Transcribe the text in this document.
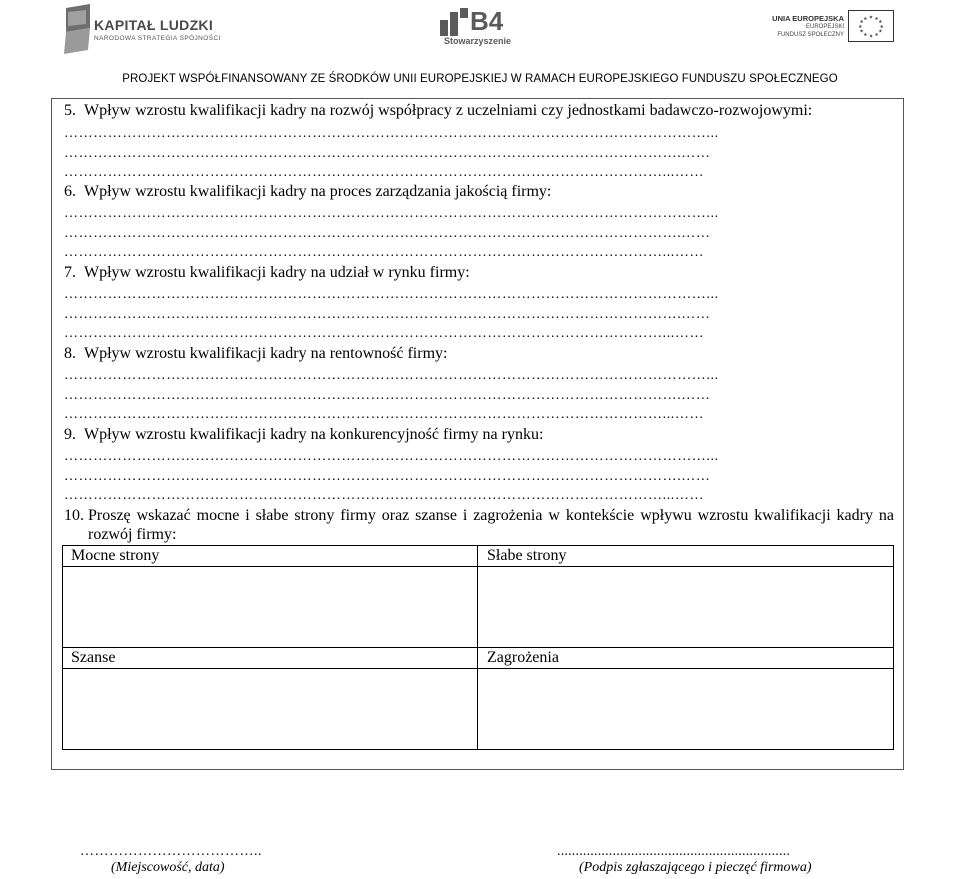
KAPITAŁ LUDZKI
NARODOWA STRATEGIA SPÓJNOŚCI
B4
Stowarzyszenie
UNIA EUROPEJSKA
EUROPEJSKI
FUNDUSZ SPOŁECZNY
★ ★
★
★
★
★
★
★
★
★
★
★
PROJEKT WSPÓŁFINANSOWANY ZE ŚRODKÓW UNII EUROPEJSKIEJ W RAMACH EUROPEJSKIEGO FUNDUSZU SPOŁECZNEGO
5. Wpływ wzrostu kwalifikacji kadry na rozwój współpracy z uczelniami czy jednostkami badawczo-rozwojowymi:
……………………………………………………………………………………………………………………...
……………………………………………………………………………………………………………….……
……………………………………………………………………………………………………………...……
6. Wpływ wzrostu kwalifikacji kadry na proces zarządzania jakością firmy:
……………………………………………………………………………………………………………………...
……………………………………………………………………………………………………………….……
……………………………………………………………………………………………………………...……
7. Wpływ wzrostu kwalifikacji kadry na udział w rynku firmy:
……………………………………………………………………………………………………………………...
……………………………………………………………………………………………………………….……
……………………………………………………………………………………………………………...……
8. Wpływ wzrostu kwalifikacji kadry na rentowność firmy:
……………………………………………………………………………………………………………………...
……………………………………………………………………………………………………………….……
……………………………………………………………………………………………………………...……
9. Wpływ wzrostu kwalifikacji kadry na konkurencyjność firmy na rynku:
……………………………………………………………………………………………………………………...
……………………………………………………………………………………………………………….……
……………………………………………………………………………………………………………...……
10. Proszę wskazać mocne i słabe strony firmy oraz szanse i zagrożenia w kontekście wpływu wzrostu kwalifikacji kadry na rozwój firmy:
Mocne strony	Słabe strony
Szanse	Zagrożenia
………………………………..	...............................................................
(Miejscowość, data)	(Podpis zgłaszającego i pieczęć firmowa)
